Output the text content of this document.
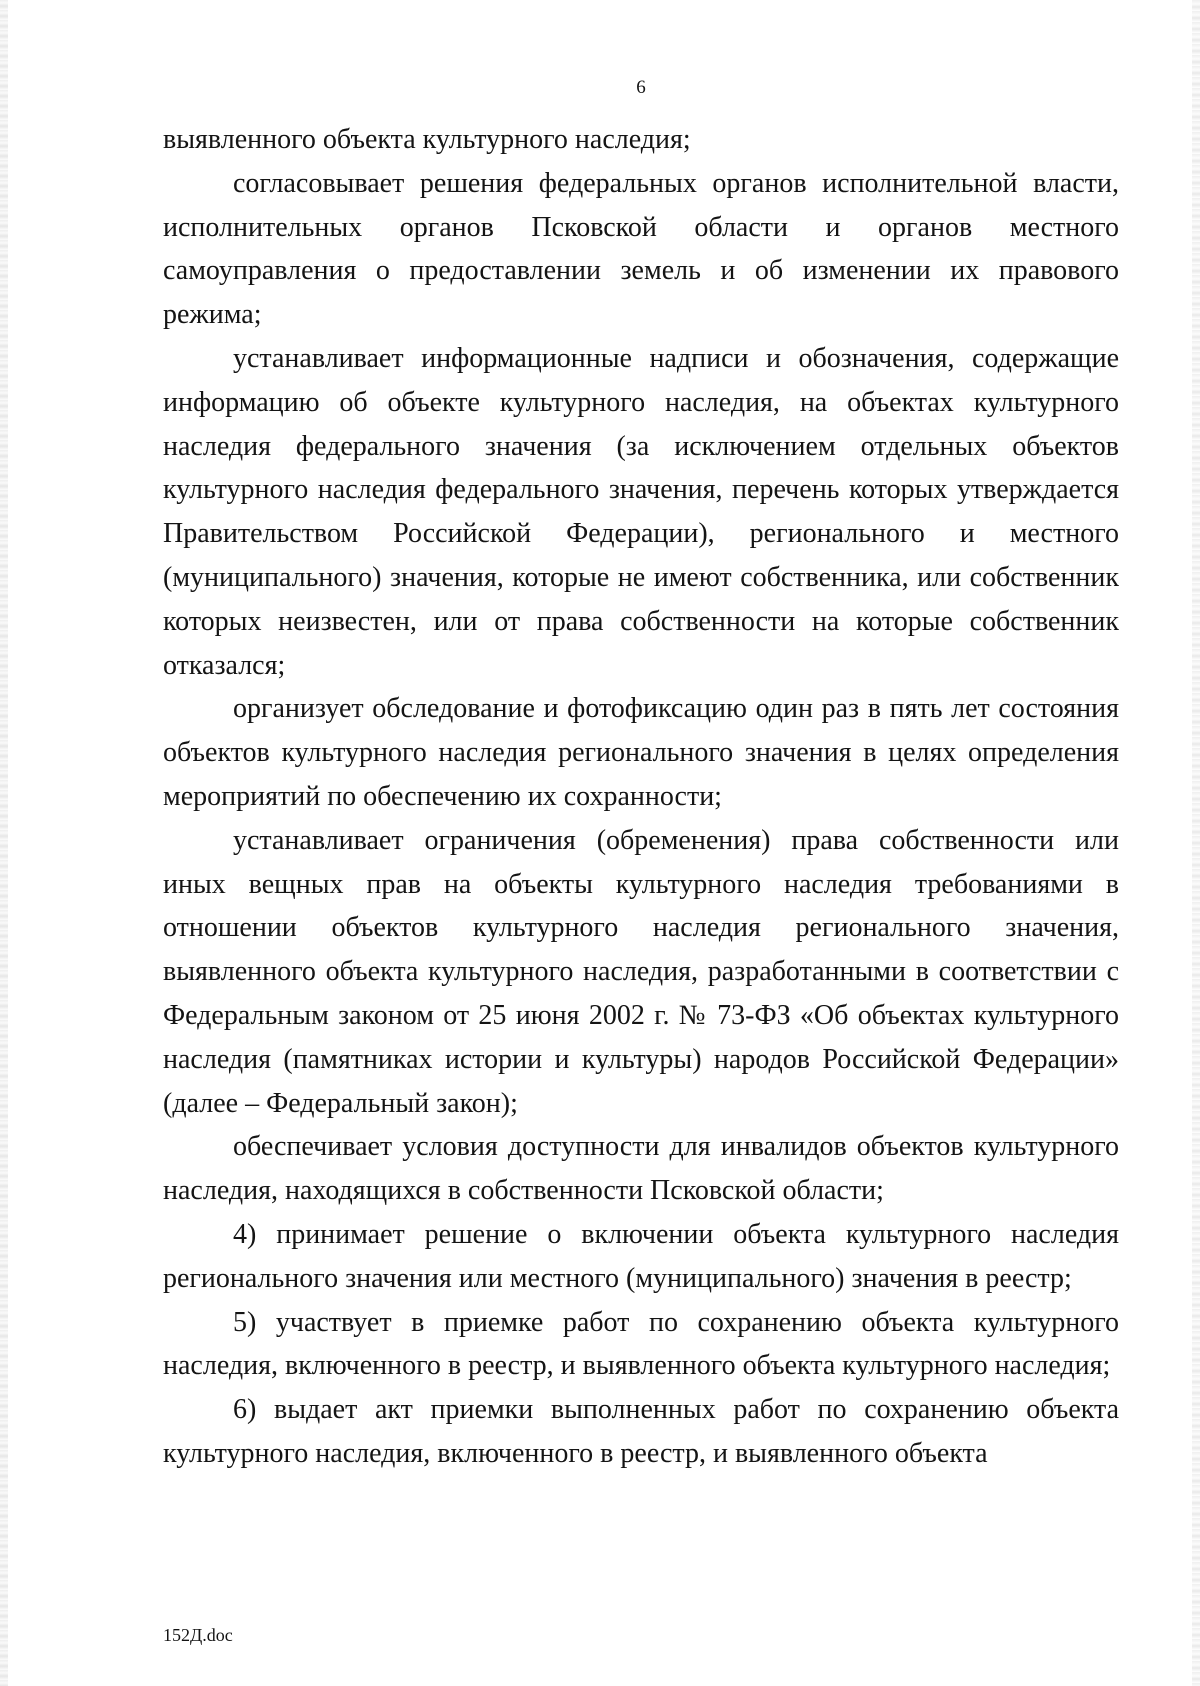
6

выявленного объекта культурного наследия;

согласовывает решения федеральных органов исполнительной власти, исполнительных органов Псковской области и органов местного самоуправления о предоставлении земель и об изменении их правового режима;

устанавливает информационные надписи и обозначения, содержащие информацию об объекте культурного наследия, на объектах культурного наследия федерального значения (за исключением отдельных объектов культурного наследия федерального значения, перечень которых утверждается Правительством Российской Федерации), регионального и местного (муниципального) значения, которые не имеют собственника, или собственник которых неизвестен, или от права собственности на которые собственник отказался;

организует обследование и фотофиксацию один раз в пять лет состояния объектов культурного наследия регионального значения в целях определения мероприятий по обеспечению их сохранности;

устанавливает ограничения (обременения) права собственности или иных вещных прав на объекты культурного наследия требованиями в отношении объектов культурного наследия регионального значения, выявленного объекта культурного наследия, разработанными в соответствии с Федеральным законом от 25 июня 2002 г. № 73-ФЗ «Об объектах культурного наследия (памятниках истории и культуры) народов Российской Федерации» (далее – Федеральный закон);

обеспечивает условия доступности для инвалидов объектов культурного наследия, находящихся в собственности Псковской области;

4) принимает решение о включении объекта культурного наследия регионального значения или местного (муниципального) значения в реестр;

5) участвует в приемке работ по сохранению объекта культурного наследия, включенного в реестр, и выявленного объекта культурного наследия;

6) выдает акт приемки выполненных работ по сохранению объекта культурного наследия, включенного в реестр, и выявленного объекта

152Д.doc
